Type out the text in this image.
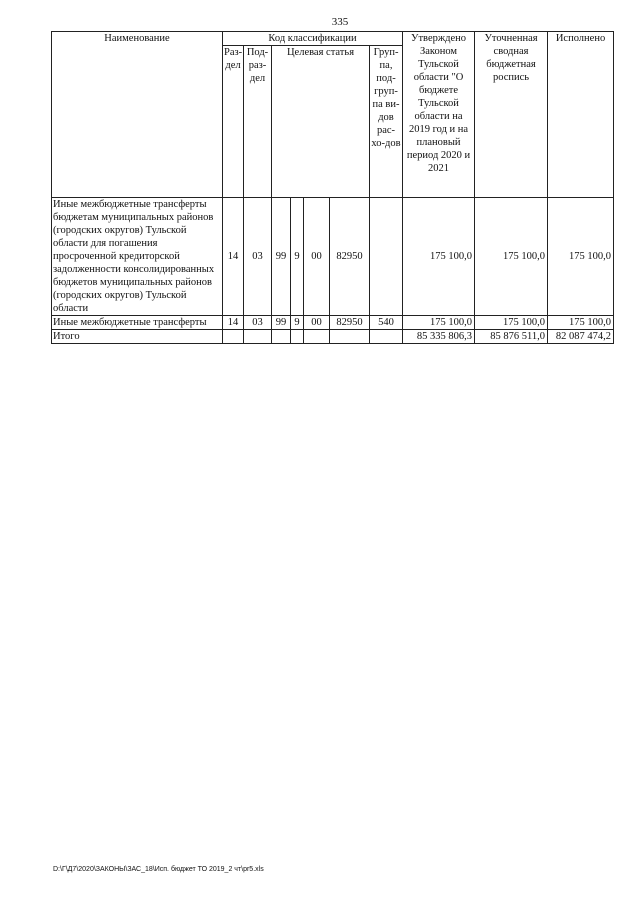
335
Наименование	Код классификации							Утверждено Законом Тульской области "О бюджете Тульской области на 2019 год и на плановый период 2020 и 2021	Уточненная сводная бюджетная роспись	Исполнено
	Раз-дел	Под-раз-дел	Целевая статья				Груп-па, под-груп-па ви-дов рас-хо-дов			
Иные межбюджетные трансферты бюджетам муниципальных районов (городских округов) Тульской области для погашения просроченной кредиторской задолженности консолидированных бюджетов муниципальных районов (городских округов) Тульской области	14	03	99	9	00	82950		175 100,0	175 100,0	175 100,0
Иные межбюджетные трансферты	14	03	99	9	00	82950	540	175 100,0	175 100,0	175 100,0
Итого								85 335 806,3	85 876 511,0	82 087 474,2
D:\Г\Д7\2020\ЗАКОНЫ\ЗАС_18\Исп. бюджет ТО 2019_2 чт\pr5.xls
